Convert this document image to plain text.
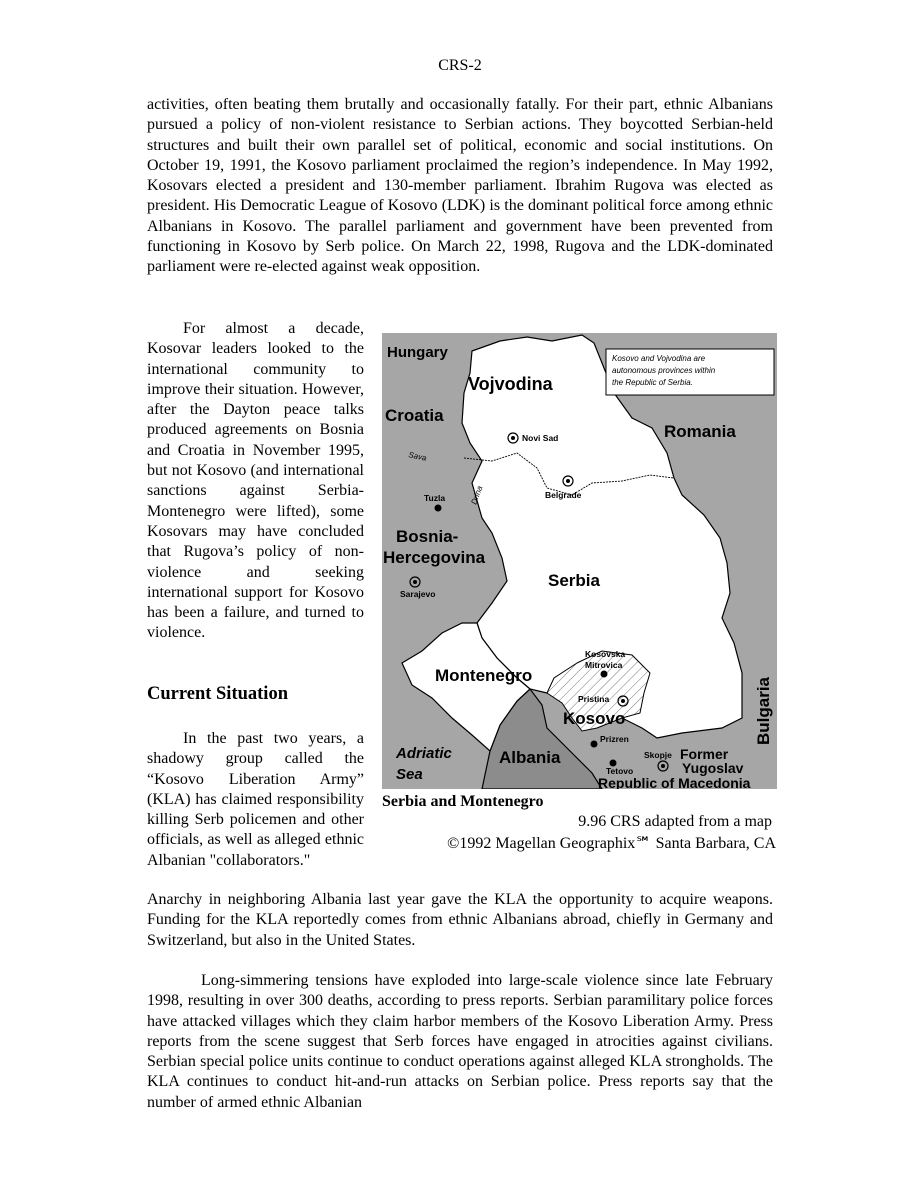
CRS-2

activities, often beating them brutally and occasionally fatally. For their part, ethnic Albanians pursued a policy of non-violent resistance to Serbian actions. They boycotted Serbian-held structures and built their own parallel set of political, economic and social institutions. On October 19, 1991, the Kosovo parliament proclaimed the region’s independence. In May 1992, Kosovars elected a president and 130-member parliament. Ibrahim Rugova was elected as president. His Democratic League of Kosovo (LDK) is the dominant political force among ethnic Albanians in Kosovo. The parallel parliament and government have been prevented from functioning in Kosovo by Serb police. On March 22, 1998, Rugova and the LDK-dominated parliament were re-elected against weak opposition.

For almost a decade, Kosovar leaders looked to the international community to improve their situation. However, after the Dayton peace talks produced agreements on Bosnia and Croatia in November 1995, but not Kosovo (and international sanctions against Serbia-Montenegro were lifted), some Kosovars may have concluded that Rugova’s policy of non-violence and seeking international support for Kosovo has been a failure, and turned to violence.

Current Situation

In the past two years, a shadowy group called the “Kosovo Liberation Army” (KLA) has claimed responsibility killing Serb policemen and other officials, as well as alleged ethnic Albanian "collaborators."

Anarchy in neighboring Albania last year gave the KLA the opportunity to acquire weapons. Funding for the KLA reportedly comes from ethnic Albanians abroad, chiefly in Germany and Switzerland, but also in the United States.

Long-simmering tensions have exploded into large-scale violence since late February 1998, resulting in over 300 deaths, according to press reports. Serbian paramilitary police forces have attacked villages which they claim harbor members of the Kosovo Liberation Army. Press reports from the scene suggest that Serb forces have engaged in atrocities against civilians. Serbian special police units continue to conduct operations against alleged KLA strongholds. The KLA continues to conduct hit-and-run attacks on Serbian police. Press reports say that the number of armed ethnic Albanian

Kosovo and Vojvodina are
autonomous provinces within
the Republic of Serbia.
Hungary
Croatia
Romania
Bosnia-
Hercegovina
Serbia
Montenegro
Albania
Bulgaria
Former
Yugoslav
Republic of Macedonia
Vojvodina
Kosovo
Sava
Drina
Adriatic
Sea
Novi Sad
Belgrade
Tuzla
Sarajevo
Kosovska
Mitrovica
Pristina
Prizren
Skopje
Tetovo
Serbia and Montenegro
9.96 CRS adapted from a map
©1992 Magellan Geographix℠ Santa Barbara, CA
